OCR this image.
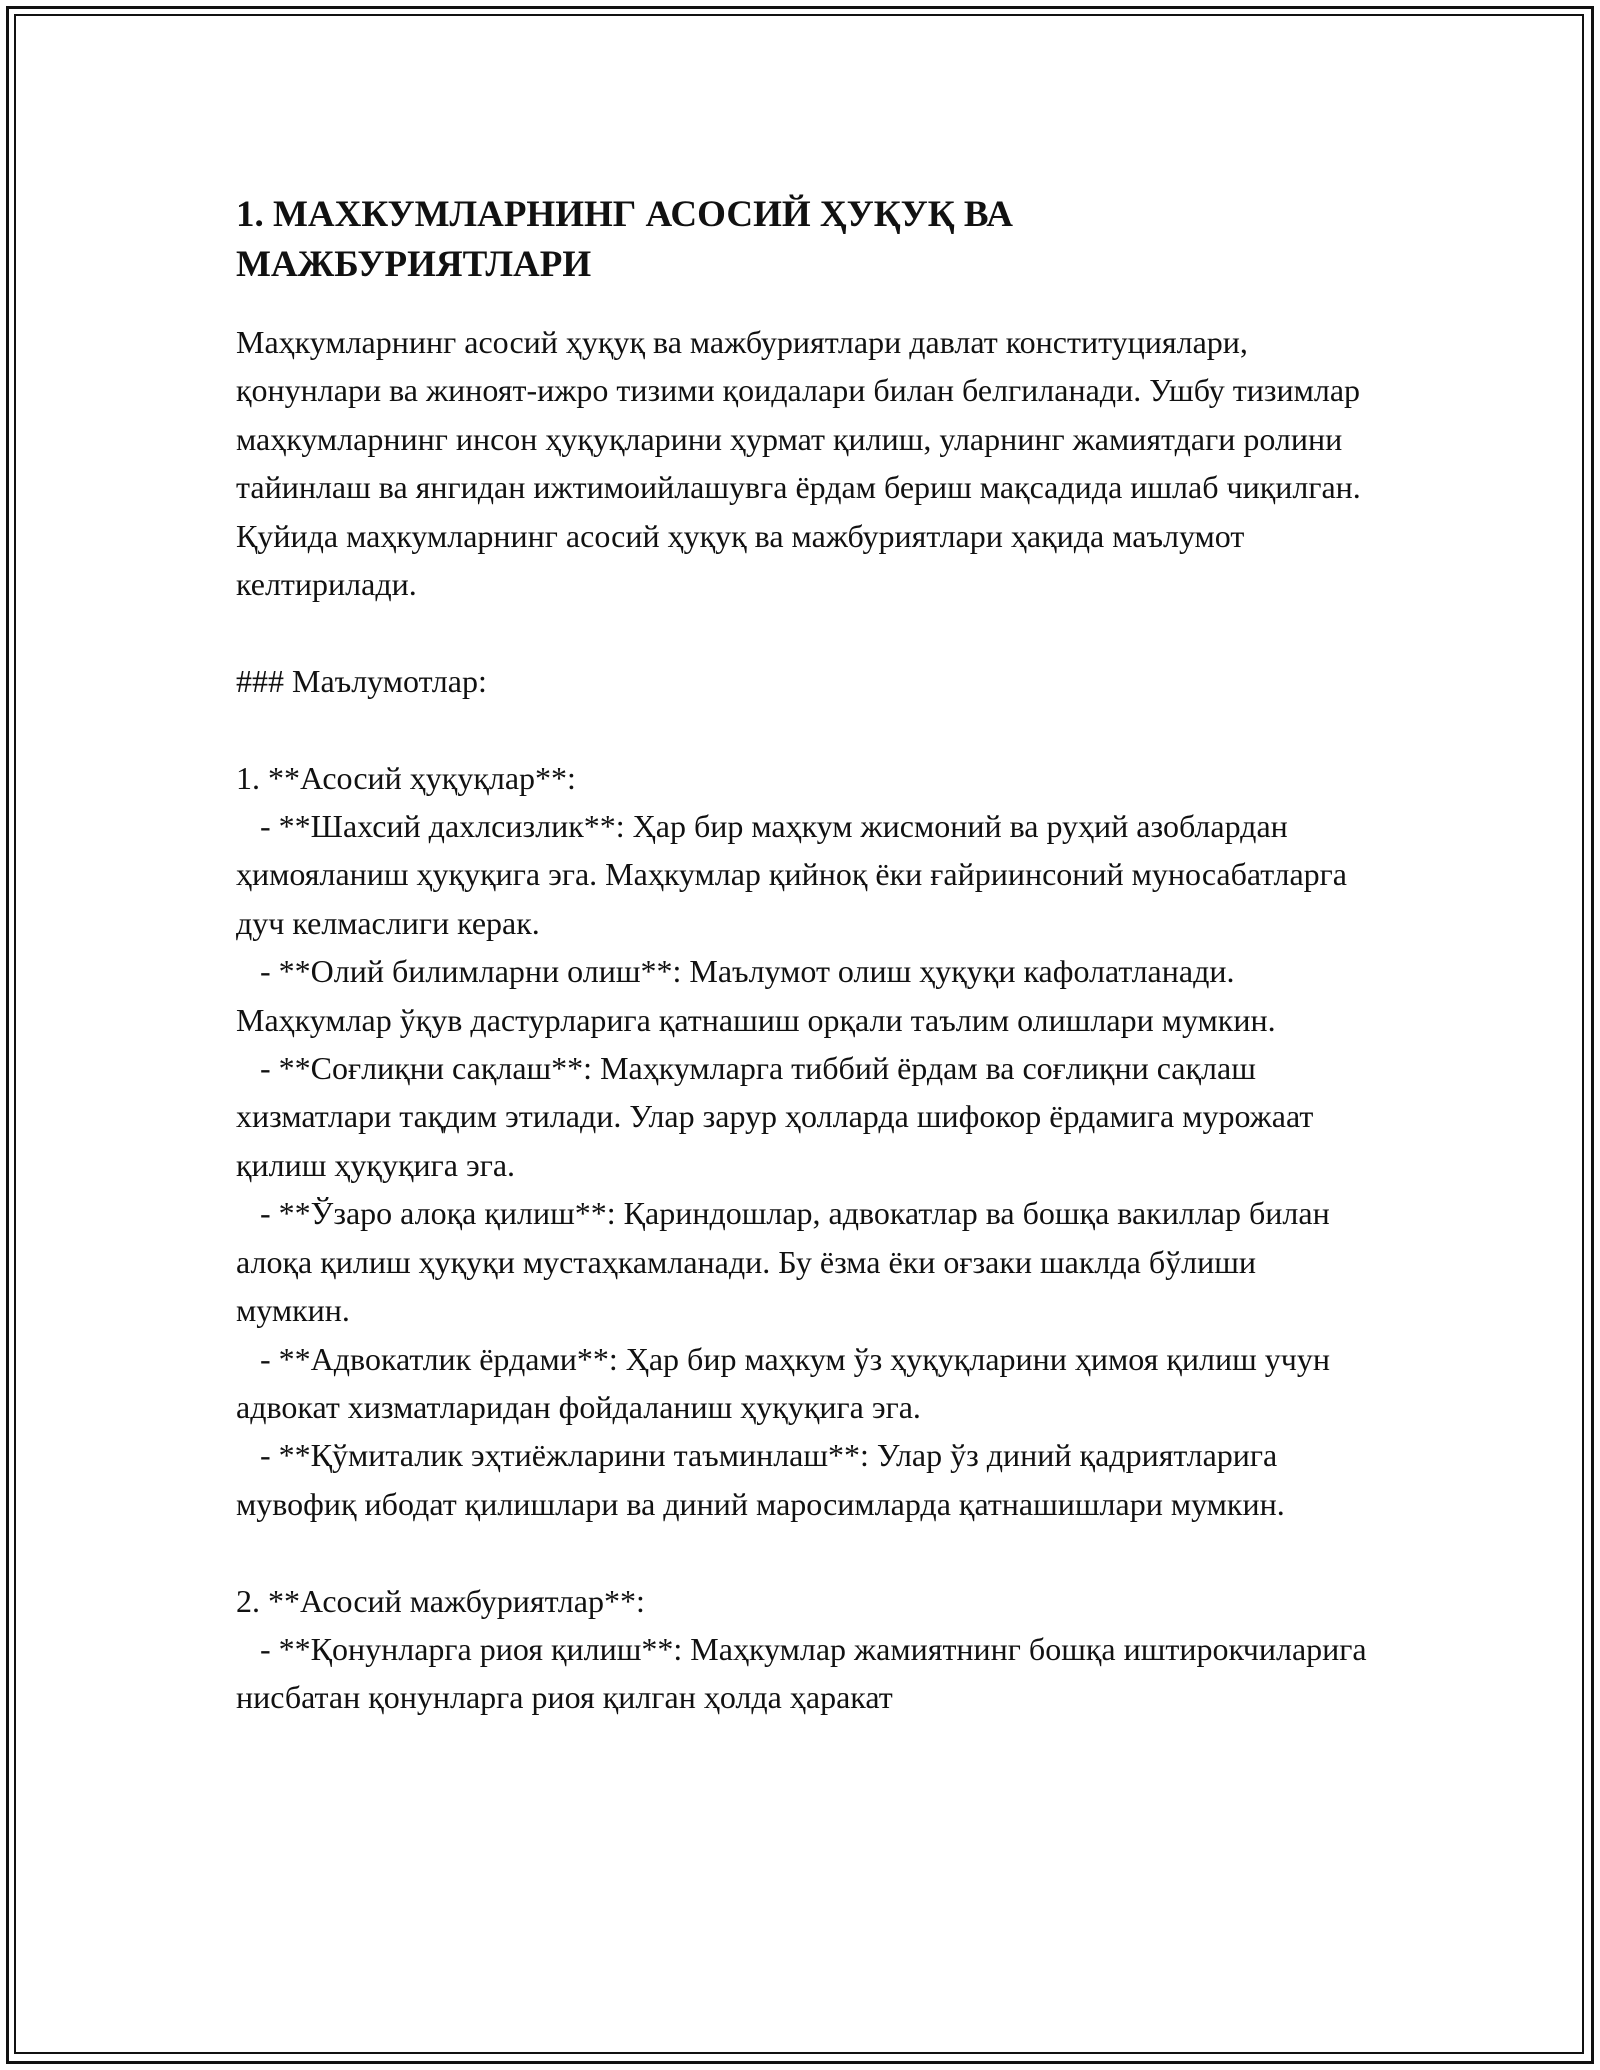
1. МАХКУМЛАРНИНГ АСОСИЙ ҲУҚУҚ ВА
МАЖБУРИЯТЛАРИ

Маҳкумларнинг асосий ҳуқуқ ва мажбуриятлари давлат конституциялари, қонунлари ва жиноят-ижро тизими қоидалари билан белгиланади. Ушбу тизимлар маҳкумларнинг инсон ҳуқуқларини ҳурмат қилиш, уларнинг жамиятдаги ролини тайинлаш ва янгидан ижтимоийлашувга ёрдам бериш мақсадида ишлаб чиқилган. Қуйида маҳкумларнинг асосий ҳуқуқ ва мажбуриятлари ҳақида маълумот келтирилади.

### Маълумотлар:

1. **Асосий ҳуқуқлар**:

- **Шахсий дахлсизлик**: Ҳар бир маҳкум жисмоний ва руҳий азоблардан ҳимояланиш ҳуқуқига эга. Маҳкумлар қийноқ ёки ғайриинсоний муносабатларга дуч келмаслиги керак.

- **Олий билимларни олиш**: Маълумот олиш ҳуқуқи кафолатланади. Маҳкумлар ўқув дастурларига қатнашиш орқали таълим олишлари мумкин.

- **Соғлиқни сақлаш**: Маҳкумларга тиббий ёрдам ва соғлиқни сақлаш хизматлари тақдим этилади. Улар зарур ҳолларда шифокор ёрдамига мурожаат қилиш ҳуқуқига эга.

- **Ўзаро алоқа қилиш**: Қариндошлар, адвокатлар ва бошқа вакиллар билан алоқа қилиш ҳуқуқи мустаҳкамланади. Бу ёзма ёки оғзаки шаклда бўлиши мумкин.

- **Адвокатлик ёрдами**: Ҳар бир маҳкум ўз ҳуқуқларини ҳимоя қилиш учун адвокат хизматларидан фойдаланиш ҳуқуқига эга.

- **Қўмиталик эҳтиёжларини таъминлаш**: Улар ўз диний қадриятларига мувофиқ ибодат қилишлари ва диний маросимларда қатнашишлари мумкин.

2. **Асосий мажбуриятлар**:

- **Қонунларга риоя қилиш**: Маҳкумлар жамиятнинг бошқа иштирокчиларига нисбатан қонунларга риоя қилган ҳолда ҳаракат
